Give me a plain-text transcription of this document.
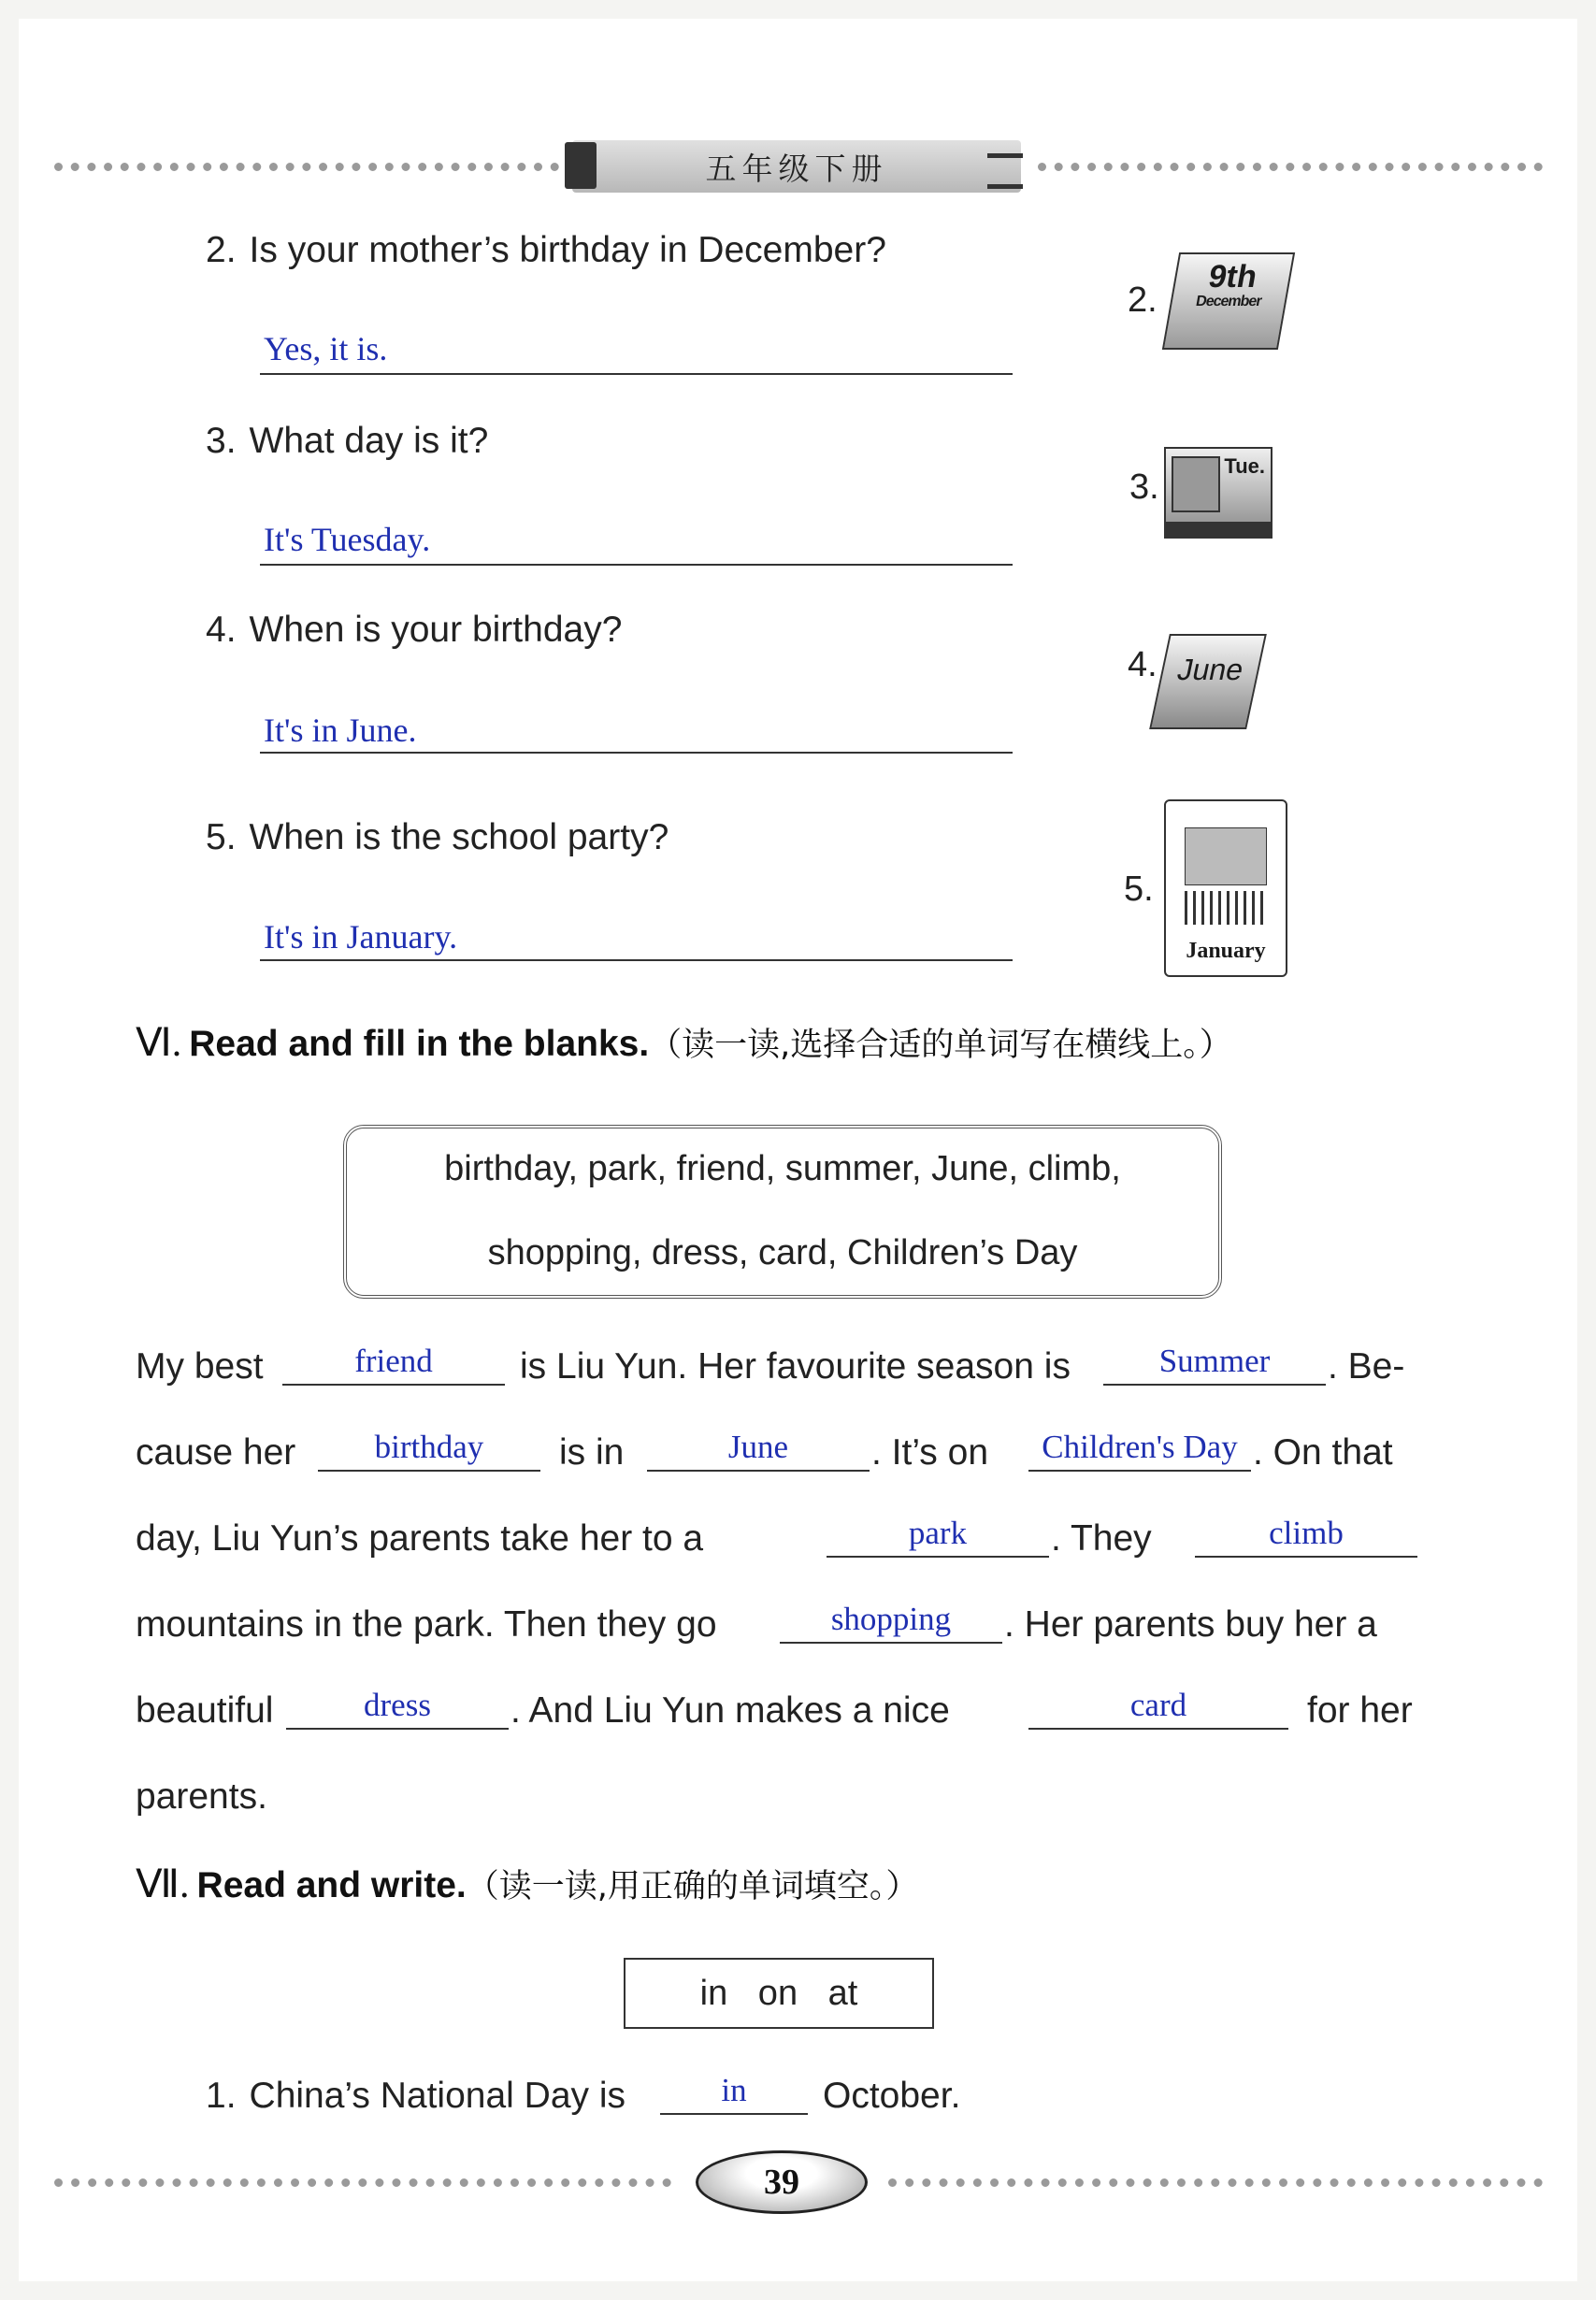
五年级下册
2. Is your mother’s birthday in December?
Yes, it is.
2.
9th
December
3. What day is it?
It's Tuesday.
3.
Tue.
4. When is your birthday?
It's in June.
4. June
5. When is the school party?
It's in January.
5.
January
Ⅵ. Read and fill in the blanks.（读一读,选择合适的单词写在横线上。）
birthday, park, friend, summer, June, climb,
shopping, dress, card, Children’s Day
My best	friend	is Liu Yun. Her favourite season is	Summer	. Be-
cause her	birthday	is in	June	. It’s on	Children's Day . On that
day, Liu Yun’s parents take her to a	park	. They	climb
mountains in the park. Then they go	shopping	. Her parents buy her a
beautiful	dress	. And Liu Yun makes a nice	card	for her
parents.
Ⅶ. Read and write.（读一读,用正确的单词填空。）
in on at
1. China’s National Day is	in	October.
39
